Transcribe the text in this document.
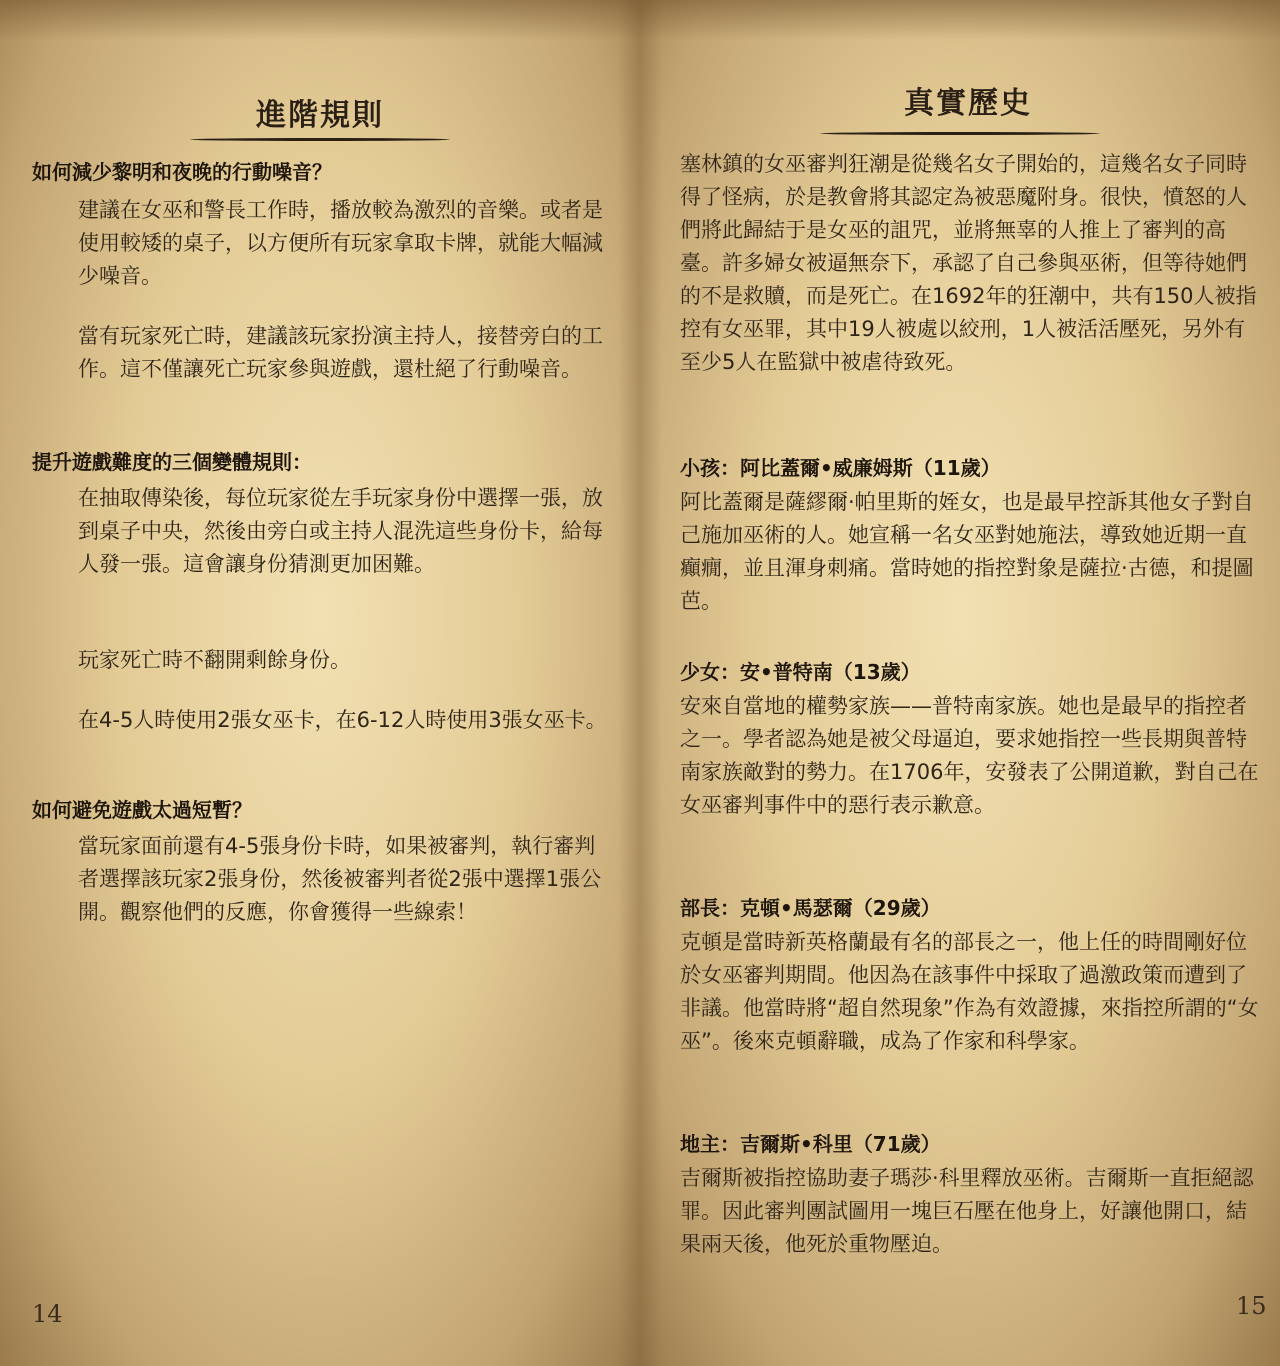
進階規則
如何減少黎明和夜晚的行動噪音？
建議在女巫和警長工作時，播放較為激烈的音樂。或者是使用較矮的桌子，以方便所有玩家拿取卡牌，就能大幅減少噪音。
當有玩家死亡時，建議該玩家扮演主持人，接替旁白的工作。這不僅讓死亡玩家參與遊戲，還杜絕了行動噪音。
提升遊戲難度的三個變體規則：
在抽取傳染後，每位玩家從左手玩家身份中選擇一張，放到桌子中央，然後由旁白或主持人混洗這些身份卡，給每人發一張。這會讓身份猜測更加困難。
玩家死亡時不翻開剩餘身份。
在4-5人時使用2張女巫卡，在6-12人時使用3張女巫卡。
如何避免遊戲太過短暫？
當玩家面前還有4-5張身份卡時，如果被審判，執行審判者選擇該玩家2張身份，然後被審判者從2張中選擇1張公開。觀察他們的反應，你會獲得一些線索！
14
真實歷史
塞林鎮的女巫審判狂潮是從幾名女子開始的，這幾名女子同時得了怪病，於是教會將其認定為被惡魔附身。很快，憤怒的人們將此歸結于是女巫的詛咒，並將無辜的人推上了審判的高臺。許多婦女被逼無奈下，承認了自己參與巫術，但等待她們的不是救贖，而是死亡。在1692年的狂潮中，共有150人被指控有女巫罪，其中19人被處以絞刑，1人被活活壓死，另外有至少5人在監獄中被虐待致死。
小孩：阿比蓋爾•威廉姆斯（11歲）
阿比蓋爾是薩繆爾·帕里斯的姪女，也是最早控訴其他女子對自己施加巫術的人。她宣稱一名女巫對她施法，導致她近期一直癲癇，並且渾身刺痛。當時她的指控對象是薩拉·古德，和提圖芭。
少女：安•普特南（13歲）
安來自當地的權勢家族——普特南家族。她也是最早的指控者之一。學者認為她是被父母逼迫，要求她指控一些長期與普特南家族敵對的勢力。在1706年，安發表了公開道歉，對自己在女巫審判事件中的惡行表示歉意。
部長：克頓•馬瑟爾（29歲）
克頓是當時新英格蘭最有名的部長之一，他上任的時間剛好位於女巫審判期間。他因為在該事件中採取了過激政策而遭到了非議。他當時將“超自然現象”作為有效證據，來指控所謂的“女巫”。後來克頓辭職，成為了作家和科學家。
地主：吉爾斯•科里（71歲）
吉爾斯被指控協助妻子瑪莎·科里釋放巫術。吉爾斯一直拒絕認罪。因此審判團試圖用一塊巨石壓在他身上，好讓他開口，結果兩天後，他死於重物壓迫。
15
